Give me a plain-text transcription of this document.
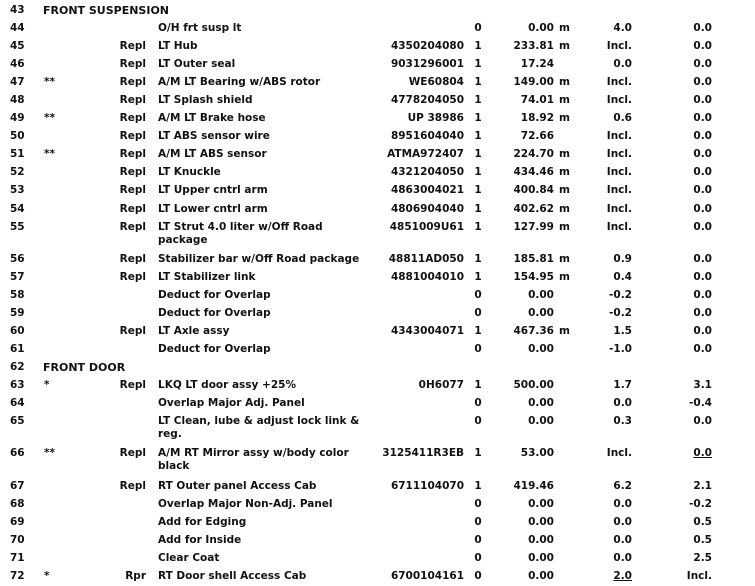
43 FRONT SUSPENSION
44	O/H frt susp lt	0	0.00 m	4.0	0.0
45	Repl LT Hub	4350204080 1	233.81 m	Incl.	0.0
46	Repl LT Outer seal	9031296001 1	17.24	0.0	0.0
47 **	Repl A/M LT Bearing w/ABS rotor	WE60804 1	149.00 m	Incl.	0.0
48	Repl LT Splash shield	4778204050 1	74.01 m	Incl.	0.0
49 **	Repl A/M LT Brake hose	UP 38986 1	18.92 m	0.6	0.0
50	Repl LT ABS sensor wire	8951604040 1	72.66	Incl.	0.0
51 **	Repl A/M LT ABS sensor	ATMA972407 1	224.70 m	Incl.	0.0
52	Repl LT Knuckle	4321204050 1	434.46 m	Incl.	0.0
53	Repl LT Upper cntrl arm	4863004021 1	400.84 m	Incl.	0.0
54	Repl LT Lower cntrl arm	4806904040 1	402.62 m	Incl.	0.0
55	Repl LT Strut 4.0 liter w/Off Road package
4851009U61 1	127.99 m	Incl.	0.0
56	Repl Stabilizer bar w/Off Road package	48811AD050 1	185.81 m	0.9	0.0
57	Repl LT Stabilizer link	4881004010 1	154.95 m	0.4	0.0
58	Deduct for Overlap	0	0.00	-0.2	0.0
59	Deduct for Overlap	0	0.00	-0.2	0.0
60	Repl LT Axle assy	4343004071 1	467.36 m	1.5	0.0
61	Deduct for Overlap	0	0.00	-1.0	0.0
62 FRONT DOOR
63 *	Repl LKQ LT door assy +25%	0H6077 1	500.00	1.7	3.1
64	Overlap Major Adj. Panel	0	0.00	0.0	-0.4
65	LT Clean, lube & adjust lock link & reg.
0	0.00	0.3	0.0
66 **	Repl A/M RT Mirror assy w/body color black
3125411R3EB 1	53.00	Incl.	0.0
67	Repl RT Outer panel Access Cab	6711104070 1	419.46	6.2	2.1
68	Overlap Major Non-Adj. Panel	0	0.00	0.0	-0.2
69	Add for Edging	0	0.00	0.0	0.5
70	Add for Inside	0	0.00	0.0	0.5
71	Clear Coat	0	0.00	0.0	2.5
72 *	Rpr RT Door shell Access Cab	6700104161 0	0.00	2.0	Incl.
